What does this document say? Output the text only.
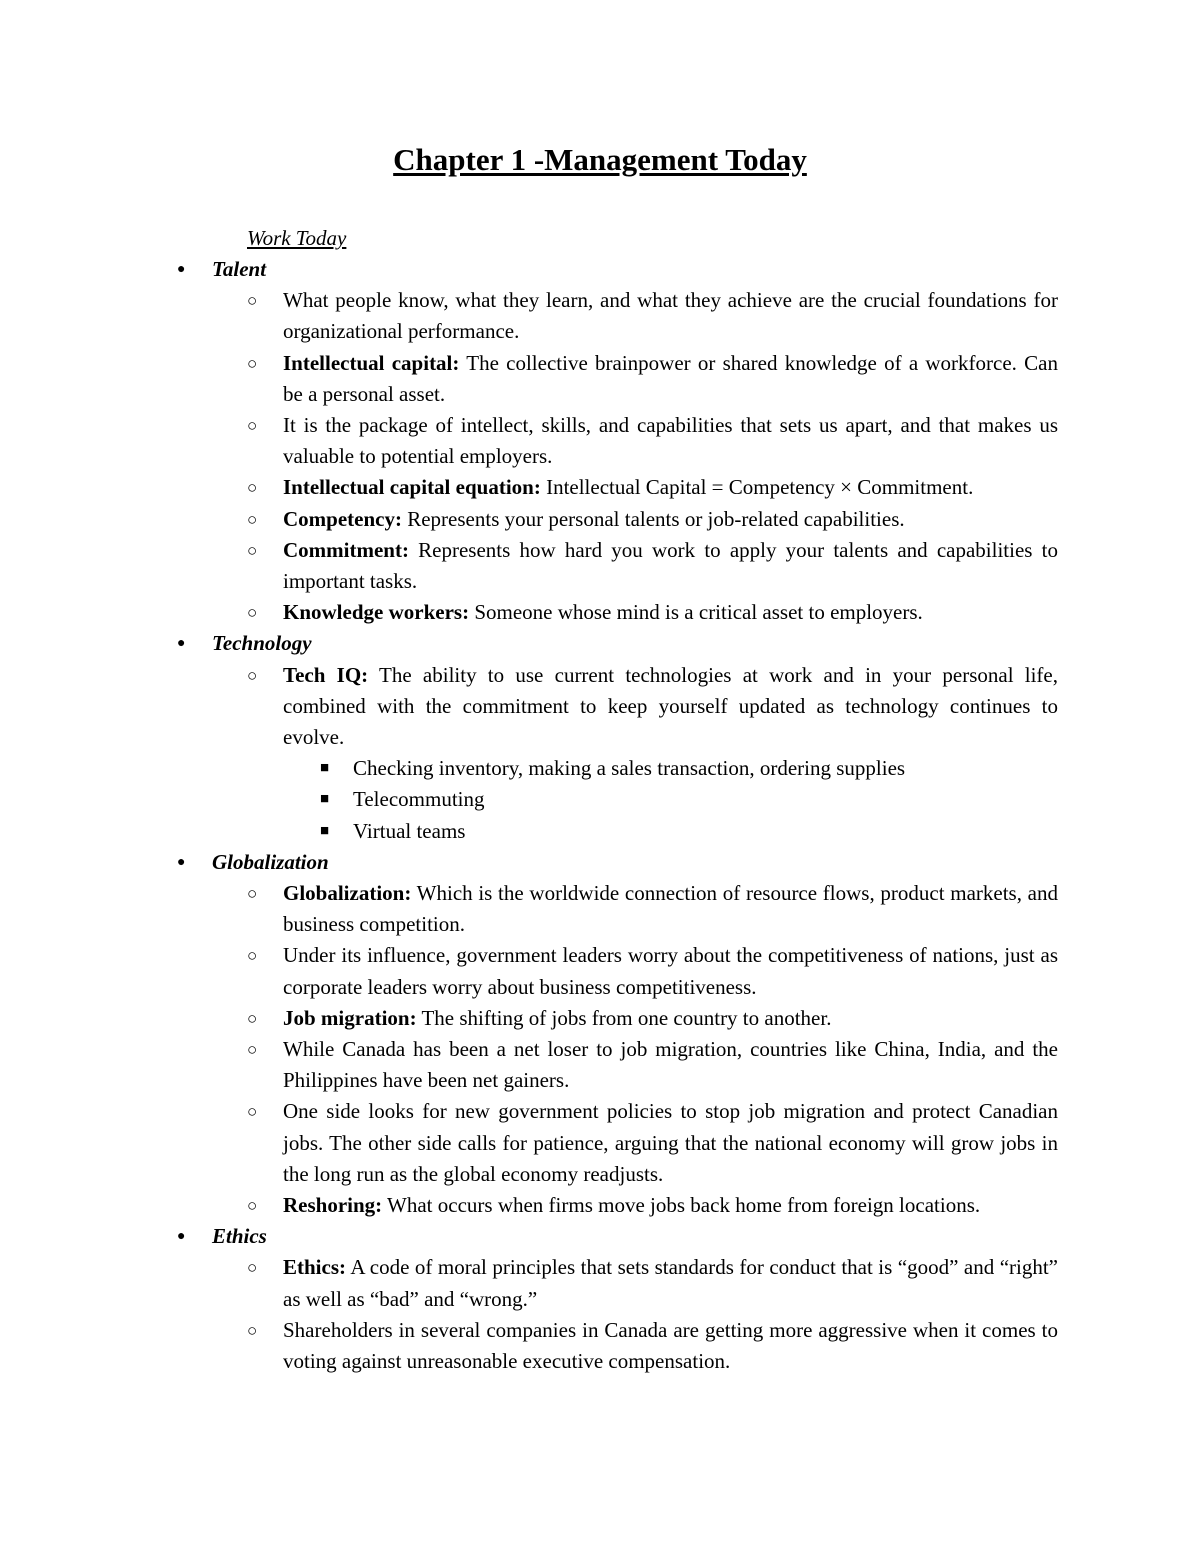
Chapter 1 -Management Today
Work Today
● Talent
○ What people know, what they learn, and what they achieve are the crucial foundations for organizational performance.
○ Intellectual capital: The collective brainpower or shared knowledge of a workforce. Can be a personal asset.
○ It is the package of intellect, skills, and capabilities that sets us apart, and that makes us valuable to potential employers.
○ Intellectual capital equation: Intellectual Capital = Competency × Commitment.
○ Competency: Represents your personal talents or job-related capabilities.
○ Commitment: Represents how hard you work to apply your talents and capabilities to important tasks.
○ Knowledge workers: Someone whose mind is a critical asset to employers.
● Technology
○ Tech IQ: The ability to use current technologies at work and in your personal life, combined with the commitment to keep yourself updated as technology continues to evolve.
■ Checking inventory, making a sales transaction, ordering supplies
■ Telecommuting
■ Virtual teams
● Globalization
○ Globalization: Which is the worldwide connection of resource flows, product markets, and business competition.
○ Under its influence, government leaders worry about the competitiveness of nations, just as corporate leaders worry about business competitiveness.
○ Job migration: The shifting of jobs from one country to another.
○ While Canada has been a net loser to job migration, countries like China, India, and the Philippines have been net gainers.
○ One side looks for new government policies to stop job migration and protect Canadian jobs. The other side calls for patience, arguing that the national economy will grow jobs in the long run as the global economy readjusts.
○ Reshoring: What occurs when firms move jobs back home from foreign locations.
● Ethics
○ Ethics: A code of moral principles that sets standards for conduct that is “good” and “right” as well as “bad” and “wrong.”
○ Shareholders in several companies in Canada are getting more aggressive when it comes to voting against unreasonable executive compensation.
